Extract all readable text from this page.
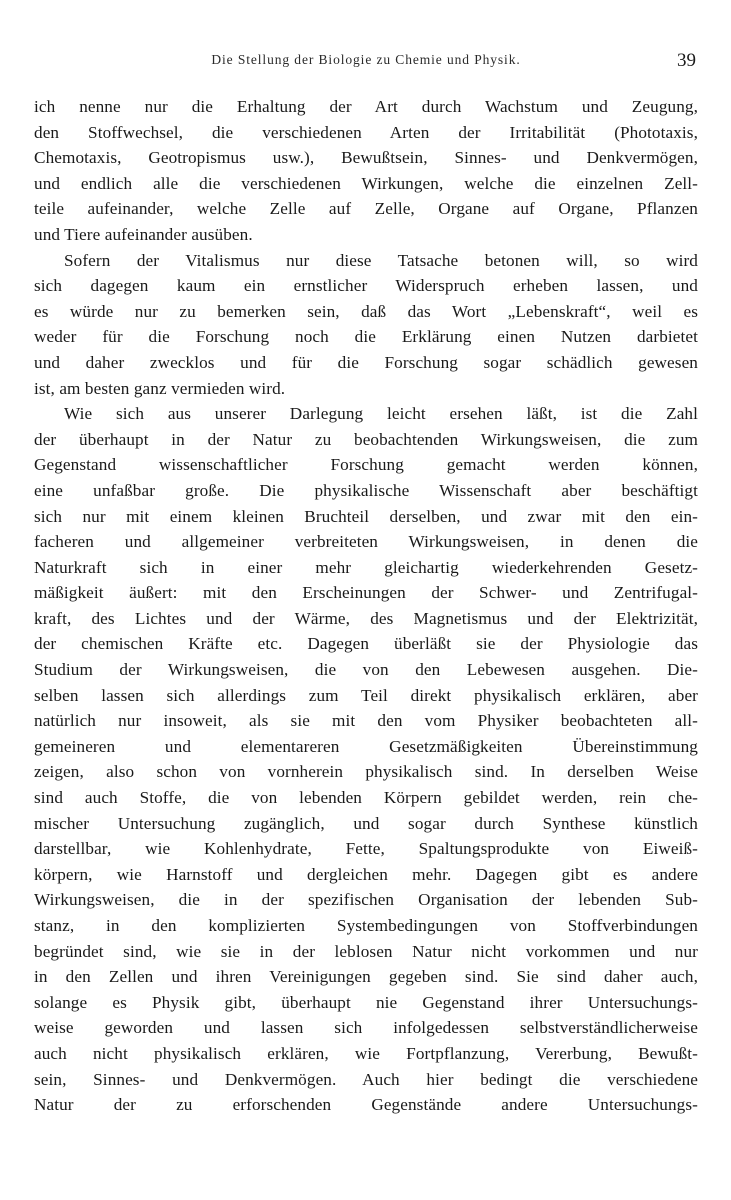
Die Stellung der Biologie zu Chemie und Physik.	39
ich nenne nur die Erhaltung der Art durch Wachstum und Zeugung,
den Stoffwechsel, die verschiedenen Arten der Irritabilität (Phototaxis,
Chemotaxis, Geotropismus usw.), Bewußtsein, Sinnes- und Denkvermögen,
und endlich alle die verschiedenen Wirkungen, welche die einzelnen Zell-
teile aufeinander, welche Zelle auf Zelle, Organe auf Organe, Pflanzen
und Tiere aufeinander ausüben.
Sofern der Vitalismus nur diese Tatsache betonen will, so wird
sich dagegen kaum ein ernstlicher Widerspruch erheben lassen, und
es würde nur zu bemerken sein, daß das Wort „Lebenskraft“, weil es
weder für die Forschung noch die Erklärung einen Nutzen darbietet
und daher zwecklos und für die Forschung sogar schädlich gewesen
ist, am besten ganz vermieden wird.
Wie sich aus unserer Darlegung leicht ersehen läßt, ist die Zahl
der überhaupt in der Natur zu beobachtenden Wirkungsweisen, die zum
Gegenstand wissenschaftlicher Forschung gemacht werden können,
eine unfaßbar große. Die physikalische Wissenschaft aber beschäftigt
sich nur mit einem kleinen Bruchteil derselben, und zwar mit den ein-
facheren und allgemeiner verbreiteten Wirkungsweisen, in denen die
Naturkraft sich in einer mehr gleichartig wiederkehrenden Gesetz-
mäßigkeit äußert: mit den Erscheinungen der Schwer- und Zentrifugal-
kraft, des Lichtes und der Wärme, des Magnetismus und der Elektrizität,
der chemischen Kräfte etc. Dagegen überläßt sie der Physiologie das
Studium der Wirkungsweisen, die von den Lebewesen ausgehen. Die-
selben lassen sich allerdings zum Teil direkt physikalisch erklären, aber
natürlich nur insoweit, als sie mit den vom Physiker beobachteten all-
gemeineren und elementareren Gesetzmäßigkeiten Übereinstimmung
zeigen, also schon von vornherein physikalisch sind. In derselben Weise
sind auch Stoffe, die von lebenden Körpern gebildet werden, rein che-
mischer Untersuchung zugänglich, und sogar durch Synthese künstlich
darstellbar, wie Kohlenhydrate, Fette, Spaltungsprodukte von Eiweiß-
körpern, wie Harnstoff und dergleichen mehr. Dagegen gibt es andere
Wirkungsweisen, die in der spezifischen Organisation der lebenden Sub-
stanz, in den komplizierten Systembedingungen von Stoffverbindungen
begründet sind, wie sie in der leblosen Natur nicht vorkommen und nur
in den Zellen und ihren Vereinigungen gegeben sind. Sie sind daher auch,
solange es Physik gibt, überhaupt nie Gegenstand ihrer Untersuchungs-
weise geworden und lassen sich infolgedessen selbstverständlicherweise
auch nicht physikalisch erklären, wie Fortpflanzung, Vererbung, Bewußt-
sein, Sinnes- und Denkvermögen. Auch hier bedingt die verschiedene
Natur der zu erforschenden Gegenstände andere Untersuchungs-
